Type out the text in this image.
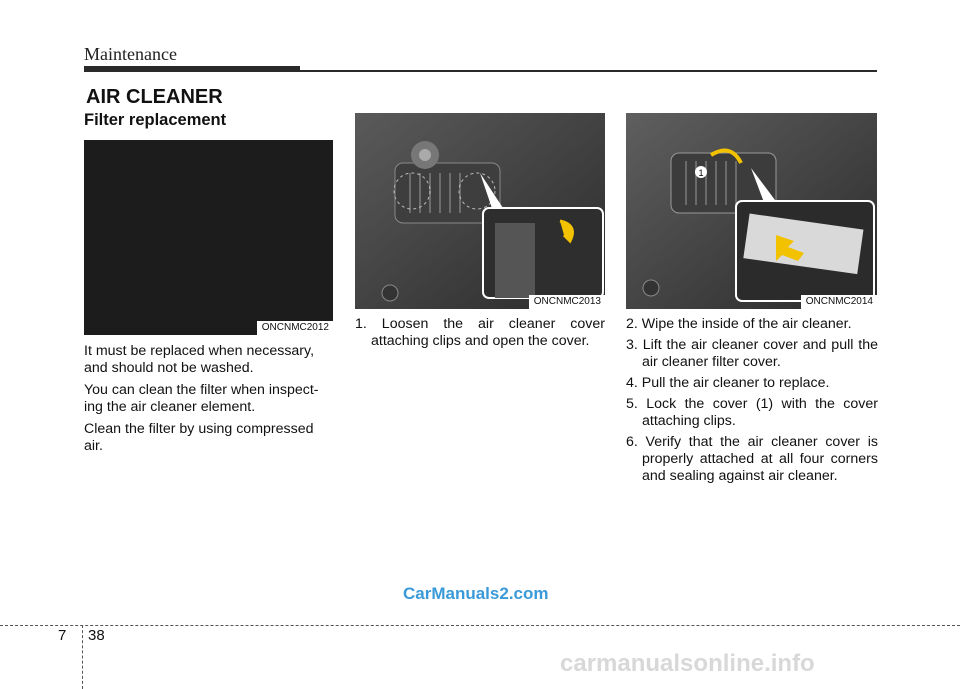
Maintenance
AIR CLEANER
Filter replacement
ONCNMC2012

It must be replaced when necessary, and should not be washed.

You can clean the filter when inspect-ing the air cleaner element.

Clean the filter by using compressed air.

ONCNMC2013
1. Loosen the air cleaner cover attaching clips and open the cover.
1
ONCNMC2014
2. Wipe the inside of the air cleaner.
3. Lift the air cleaner cover and pull the air cleaner filter cover.
4. Pull the air cleaner to replace.
5. Lock the cover (1) with the cover attaching clips.
6. Verify that the air cleaner cover is properly attached at all four corners and sealing against air cleaner.
CarManuals2.com
7 38
carmanualsonline.info
